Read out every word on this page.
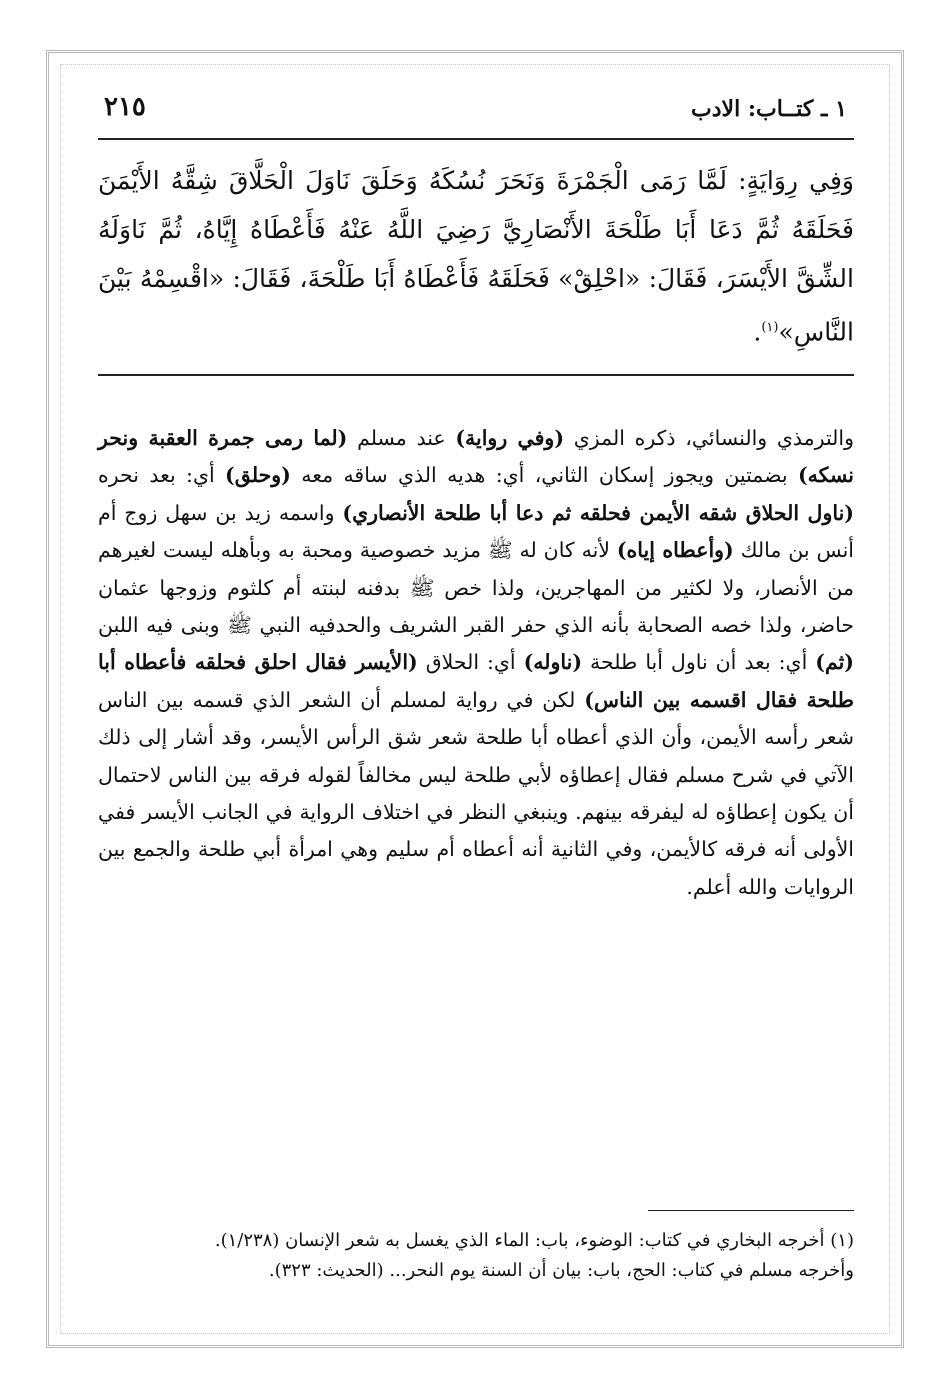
٢١٥	١ ـ كتــاب: الادب
وَفِي رِوَايَةٍ: لَمَّا رَمَى الْجَمْرَةَ وَنَحَرَ نُسُكَهُ وَحَلَقَ نَاوَلَ الْحَلَّاقَ شِقَّهُ الأَيْمَنَ فَحَلَقَهُ ثُمَّ دَعَا أَبَا طَلْحَةَ الأَنْصَارِيَّ رَضِيَ اللَّهُ عَنْهُ فَأَعْطَاهُ إِيَّاهُ، ثُمَّ نَاوَلَهُ الشِّقَّ الأَيْسَرَ، فَقَالَ: «احْلِقْ» فَحَلَقَهُ فَأَعْطَاهُ أَبَا طَلْحَةَ، فَقَالَ: «اقْسِمْهُ بَيْنَ النَّاسِ»$^{(١)}$.
والترمذي والنسائي، ذكره المزي (وفي رواية) عند مسلم (لما رمى جمرة العقبة ونحر نسكه) بضمتين ويجوز إسكان الثاني، أي: هديه الذي ساقه معه (وحلق) أي: بعد نحره (ناول الحلاق شقه الأيمن فحلقه ثم دعا أبا طلحة الأنصاري) واسمه زيد بن سهل زوج أم أنس بن مالك (وأعطاه إياه) لأنه كان له ﷺ مزيد خصوصية ومحبة به وبأهله ليست لغيرهم من الأنصار، ولا لكثير من المهاجرين، ولذا خص ﷺ بدفنه لبنته أم كلثوم وزوجها عثمان حاضر، ولذا خصه الصحابة بأنه الذي حفر القبر الشريف والحدفيه النبي ﷺ وبنى فيه اللبن (ثم) أي: بعد أن ناول أبا طلحة (ناوله) أي: الحلاق (الأيسر فقال احلق فحلقه فأعطاه أبا طلحة فقال اقسمه بين الناس) لكن في رواية لمسلم أن الشعر الذي قسمه بين الناس شعر رأسه الأيمن، وأن الذي أعطاه أبا طلحة شعر شق الرأس الأيسر، وقد أشار إلى ذلك الآتي في شرح مسلم فقال إعطاؤه لأبي طلحة ليس مخالفاً لقوله فرقه بين الناس لاحتمال أن يكون إعطاؤه له ليفرقه بينهم. وينبغي النظر في اختلاف الرواية في الجانب الأيسر ففي الأولى أنه فرقه كالأيمن، وفي الثانية أنه أعطاه أم سليم وهي امرأة أبي طلحة والجمع بين الروايات والله أعلم.

(١) أخرجه البخاري في كتاب: الوضوء، باب: الماء الذي يغسل به شعر الإنسان (١/٢٣٨).

وأخرجه مسلم في كتاب: الحج، باب: بيان أن السنة يوم النحر... (الحديث: ٣٢٣).
